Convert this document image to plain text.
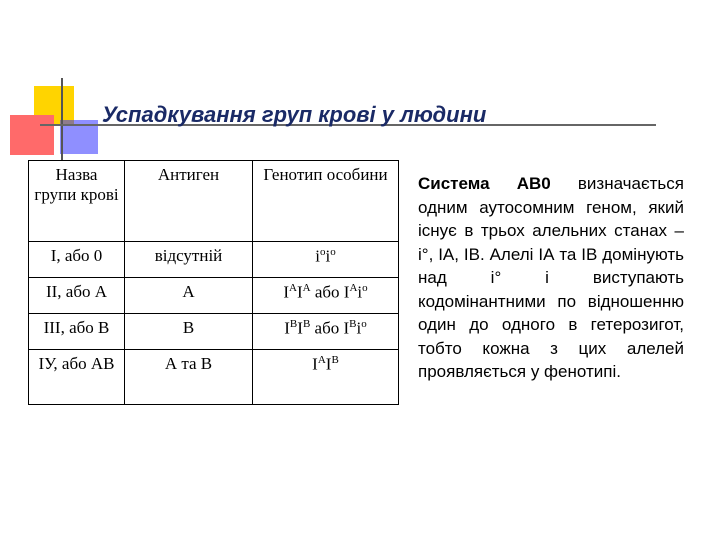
Успадкування груп крові у людини
Назва групи крові	Антиген	Генотип особини
І, або 0	відсутній	$i^оi^о$
ІІ, або А	А	$I^AI^A$ або $I^Ai^о$
ІІІ, або В	В	$I^BI^B$ або $I^Bi^о$
ІУ, або АВ	А та В	$I^AI^B$
Система АВ0 визначається одним аутосомним геном, який існує в трьох алельних станах – і°, ІА, ІВ. Алелі ІА та ІВ домінують над і° і виступають кодомінантними по відношенню один до одного в гетерозигот, тобто кожна з цих алелей проявляється у фенотипі.
